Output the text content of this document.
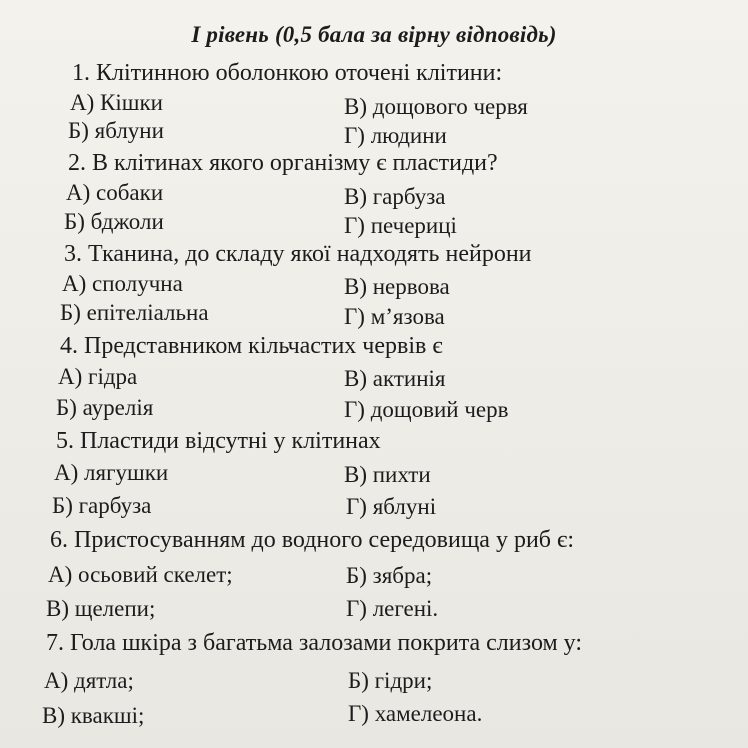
І рівень (0,5 бала за вірну відповідь)
1. Клітинною оболонкою оточені клітини:
А) Кішки	В) дощового червя
Б) яблуни	Г) людини
2. В клітинах якого організму є пластиди?
А) собаки	В) гарбуза
Б) бджоли	Г) печериці
3. Тканина, до складу якої надходять нейрони
А) сполучна	В) нервова
Б) епітеліальна	Г) м’язова
4. Представником кільчастих червів є
А) гідра	В) актинія
Б) аурелія	Г) дощовий черв
5. Пластиди відсутні у клітинах
А) лягушки	В) пихти
Б) гарбуза	Г) яблуні
6. Пристосуванням до водного середовища у риб є:
А) осьовий скелет;	Б) зябра;
В) щелепи;	Г) легені.
7. Гола шкіра з багатьма залозами покрита слизом у:
А) дятла;	Б) гідри;
В) квакші;	Г) хамелеона.
